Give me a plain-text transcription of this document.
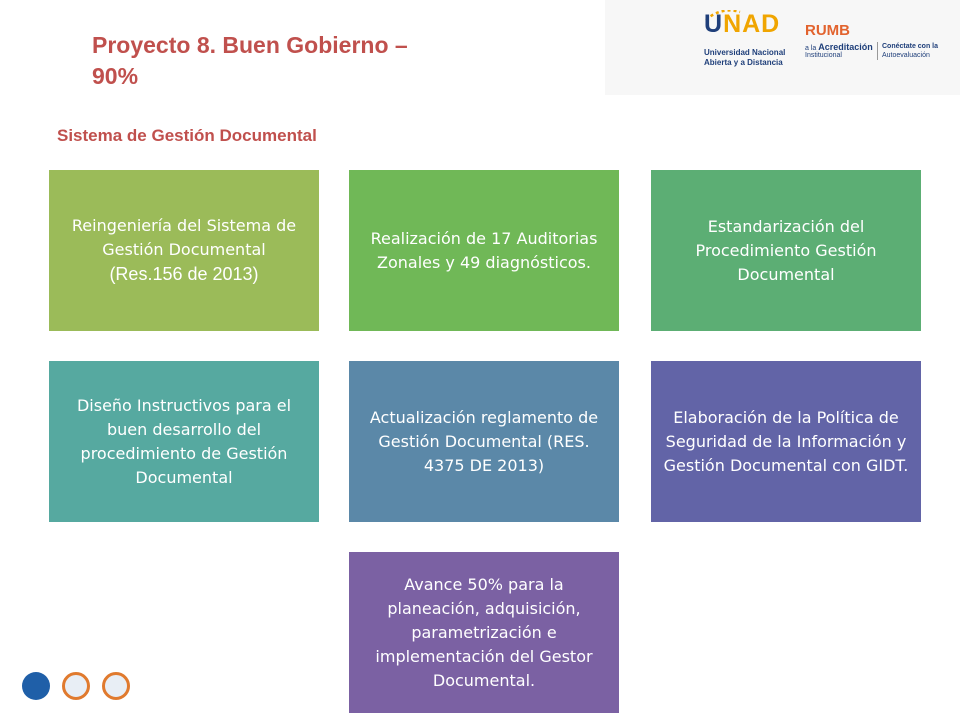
Proyecto 8. Buen Gobierno –
90%
Sistema de Gestión Documental
UNAD
Universidad Nacional
Abierta y a Distancia
RUMB
a la Acreditación
Institucional
Conéctate con la
Autoevaluación
Reingeniería del Sistema de Gestión Documental
(Res.156 de 2013)
Realización de 17 Auditorias Zonales y 49 diagnósticos.
Estandarización del Procedimiento Gestión Documental
Diseño Instructivos para el buen desarrollo del procedimiento de Gestión Documental
Actualización reglamento de Gestión Documental (RES. 4375 DE 2013)
Elaboración de la Política de Seguridad de la Información y Gestión Documental con GIDT.
Avance 50% para la planeación, adquisición, parametrización e implementación del Gestor Documental.
